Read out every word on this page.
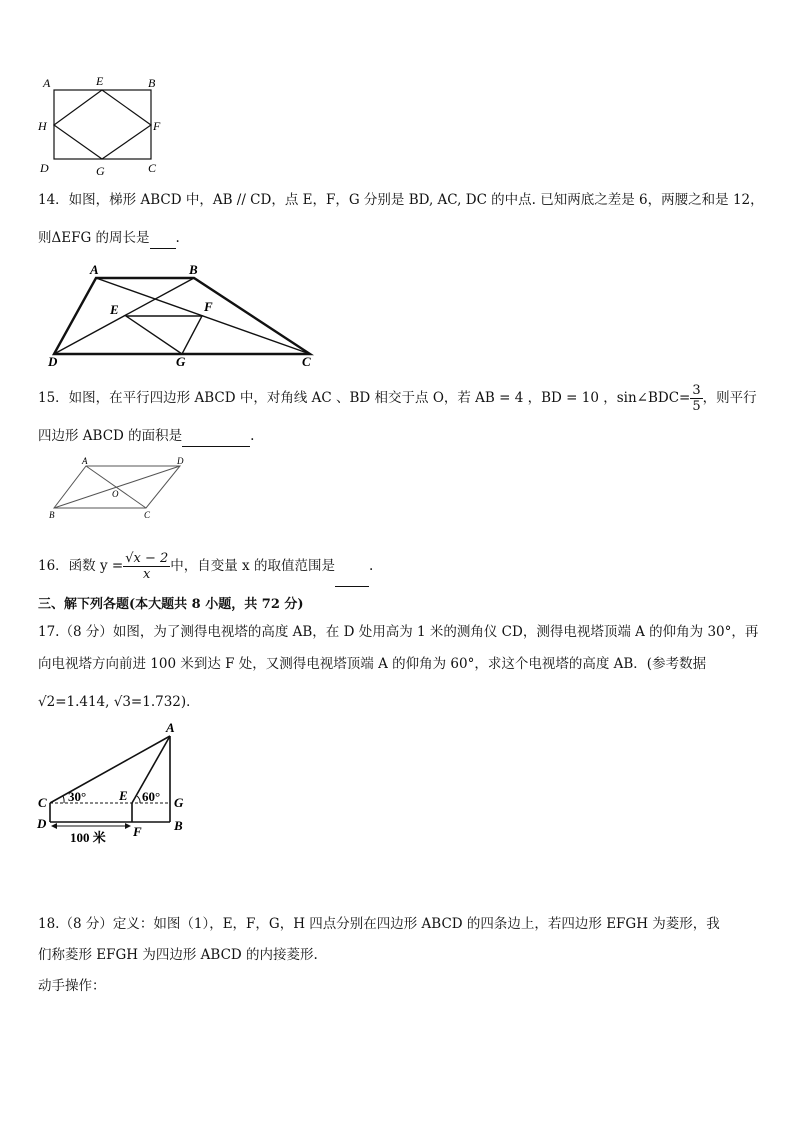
A	E	B
H	F
D	G	C
14．如图，梯形 ABCD 中，AB // CD，点 E，F，G 分别是 BD, AC, DC 的中点. 已知两底之差是 6，两腰之和是 12，
则ΔEFG 的周长是 .
A	B
E	F
D	G	C
15．如图，在平行四边形 ABCD 中，对角线 AC 、BD 相交于点 O，若 AB = 4 ，BD = 10 ，sin∠BDC= $\frac{3}{5}$ ，则平行
四边形 ABCD 的面积是	.
A	D
O
B	C
16．函数 $y = \frac{√x - 2}{x}$ 中，自变量 x 的取值范围是	.
三、解下列各题(本大题共 8 小题，共 72 分)
17.（8 分）如图，为了测得电视塔的高度 AB，在 D 处用高为 1 米的测角仪 CD，测得电视塔顶端 A 的仰角为 30°，再
向电视塔方向前进 100 米到达 F 处，又测得电视塔顶端 A 的仰角为 60°，求这个电视塔的高度 AB．(参考数据
√2=1.414, √3=1.732)．
A
C 30°	E 60° G
D	B
F
100 米
18.（8 分）定义：如图（1），E，F，G，H 四点分别在四边形 ABCD 的四条边上，若四边形 EFGH 为菱形，我
们称菱形 EFGH 为四边形 ABCD 的内接菱形.
动手操作：
